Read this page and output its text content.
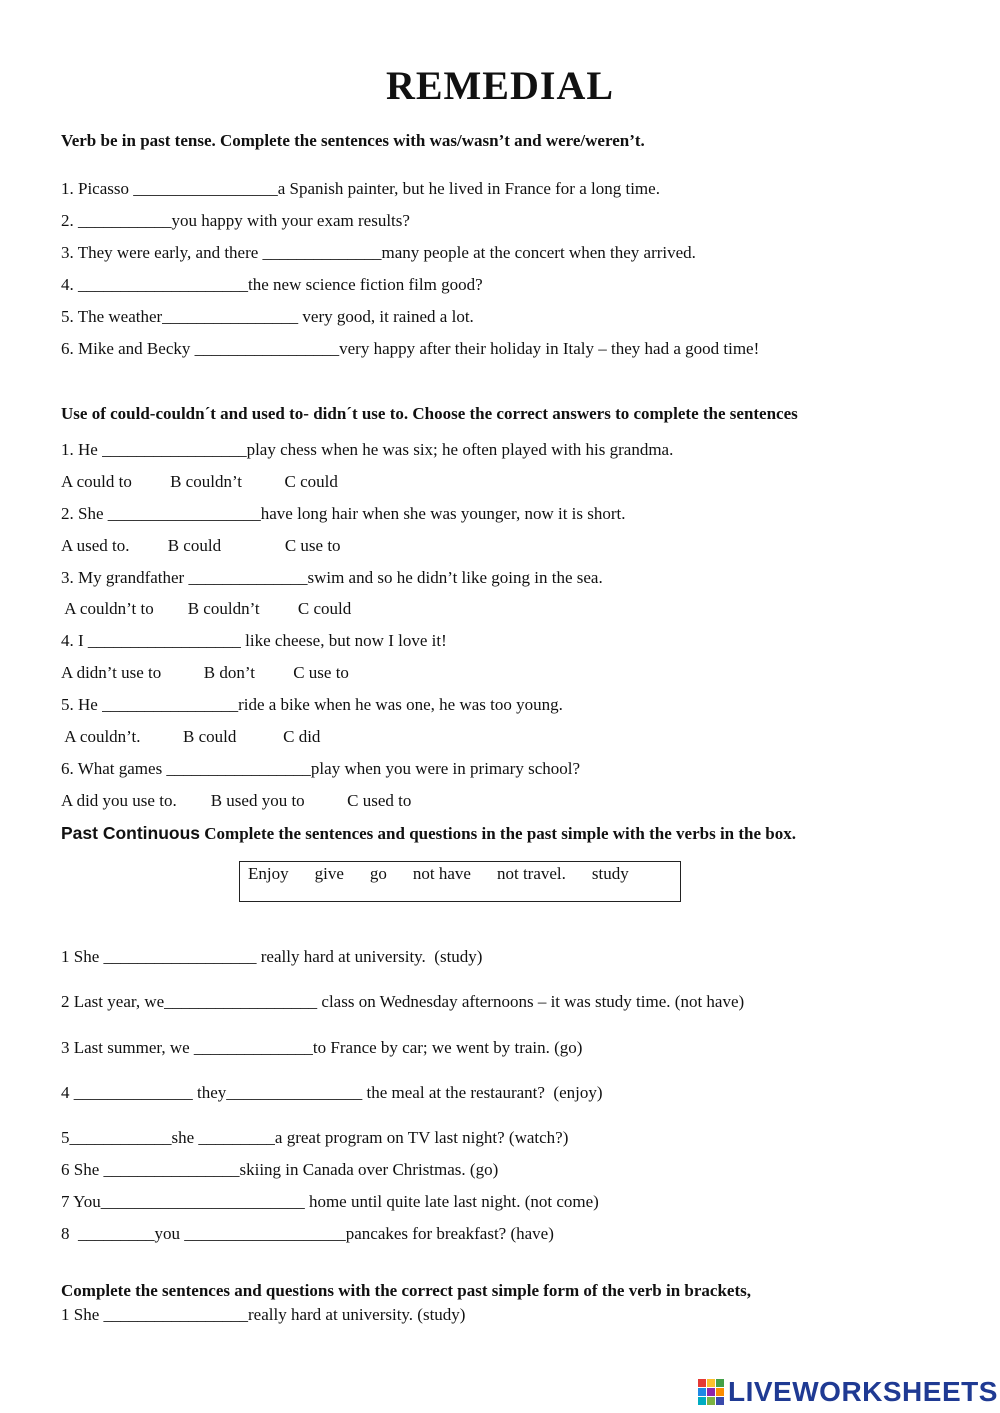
REMEDIAL
Verb be in past tense. Complete the sentences with was/wasn’t and were/weren’t.
1. Picasso _________________a Spanish painter, but he lived in France for a long time.
2. ___________you happy with your exam results?
3. They were early, and there ______________many people at the concert when they arrived.
4. ____________________the new science fiction film good?
5. The weather________________ very good, it rained a lot.
6. Mike and Becky _________________very happy after their holiday in Italy – they had a good time!
Use of could-couldn´t and used to- didn´t use to. Choose the correct answers to complete the sentences
1. He _________________play chess when he was six; he often played with his grandma.
A could to         B couldn’t          C could
2. She __________________have long hair when she was younger, now it is short.
A used to.         B could               C use to
3. My grandfather ______________swim and so he didn’t like going in the sea.
A couldn’t to        B couldn’t         C could
4. I __________________ like cheese, but now I love it!
A didn’t use to          B don’t         C use to
5. He ________________ride a bike when he was one, he was too young.
A couldn’t.          B could           C did
6. What games _________________play when you were in primary school?
A did you use to.        B used you to          C used to
Past Continuous Complete the sentences and questions in the past simple with the verbs in the box.
Enjoy give go not have not travel. study
1 She __________________ really hard at university.  (study)
2 Last year, we__________________ class on Wednesday afternoons – it was study time. (not have)
3 Last summer, we ______________to France by car; we went by train. (go)
4 ______________ they________________ the meal at the restaurant?  (enjoy)
5____________she _________a great program on TV last night? (watch?)
6 She ________________skiing in Canada over Christmas. (go)
7 You________________________ home until quite late last night. (not come)
8  _________you ___________________pancakes for breakfast? (have)
Complete the sentences and questions with the correct past simple form of the verb in brackets,
1 She _________________really hard at university. (study)
LIVEWORKSHEETS
